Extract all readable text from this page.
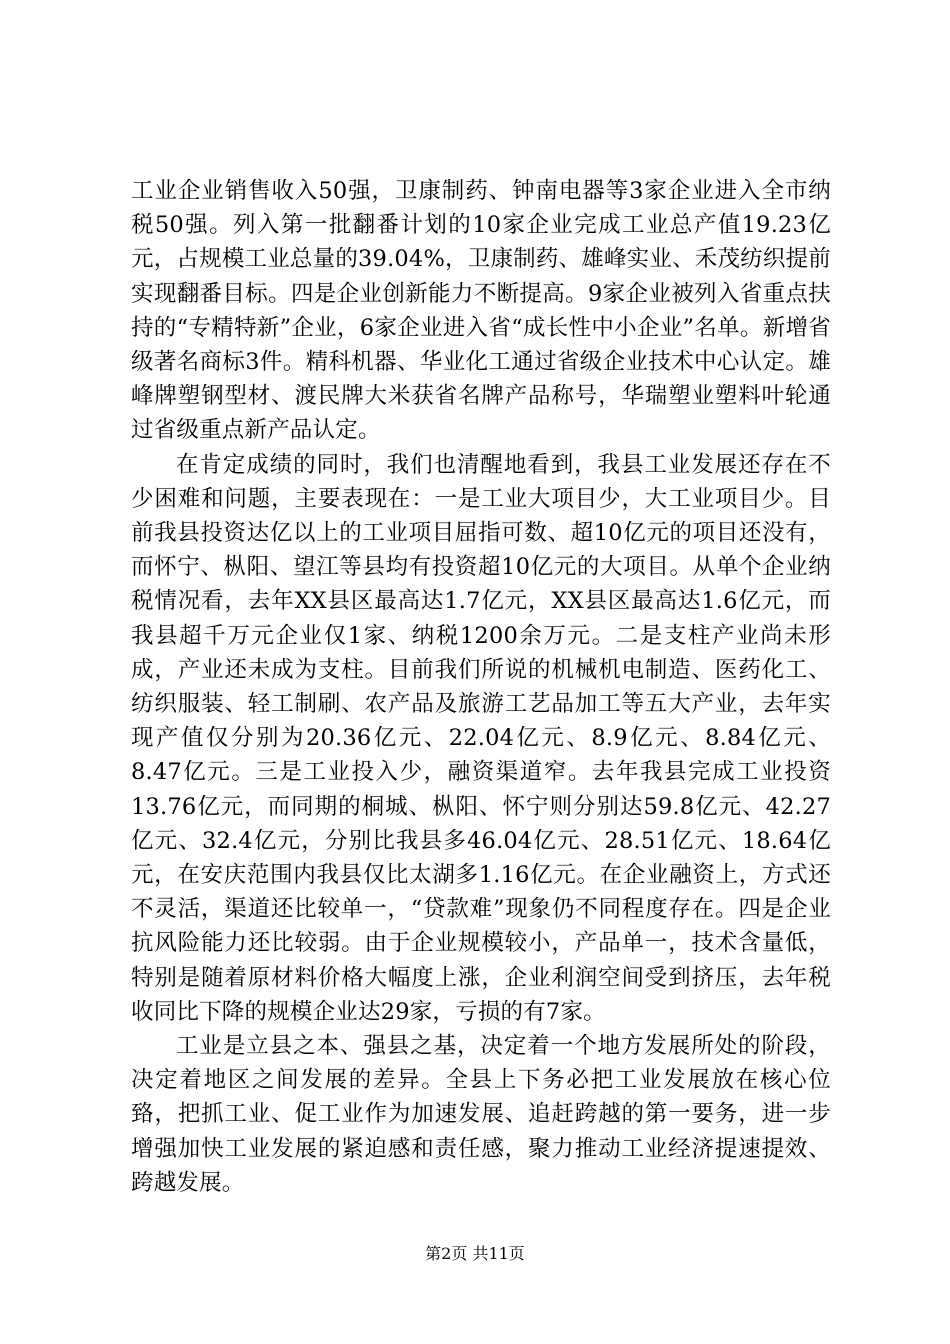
工业企业销售收入50强，卫康制药、钟南电器等3家企业进入全市纳税50强。列入第一批翻番计划的10家企业完成工业总产值19.23亿元，占规模工业总量的39.04%，卫康制药、雄峰实业、禾茂纺织提前实现翻番目标。四是企业创新能力不断提高。9家企业被列入省重点扶持的“专精特新”企业，6家企业进入省“成长性中小企业”名单。新增省级著名商标3件。精科机器、华业化工通过省级企业技术中心认定。雄峰牌塑钢型材、渡民牌大米获省名牌产品称号，华瑞塑业塑料叶轮通过省级重点新产品认定。

在肯定成绩的同时，我们也清醒地看到，我县工业发展还存在不少困难和问题，主要表现在：一是工业大项目少，大工业项目少。目前我县投资达亿以上的工业项目屈指可数、超10亿元的项目还没有，而怀宁、枞阳、望江等县均有投资超10亿元的大项目。从单个企业纳税情况看，去年XX县区最高达1.7亿元，XX县区最高达1.6亿元，而我县超千万元企业仅1家、纳税1200余万元。二是支柱产业尚未形成，产业还未成为支柱。目前我们所说的机械机电制造、医药化工、纺织服装、轻工制刷、农产品及旅游工艺品加工等五大产业，去年实现产值仅分别为20.36亿元、22.04亿元、8.9亿元、8.84亿元、8.47亿元。三是工业投入少，融资渠道窄。去年我县完成工业投资13.76亿元，而同期的桐城、枞阳、怀宁则分别达59.8亿元、42.27亿元、32.4亿元，分别比我县多46.04亿元、28.51亿元、18.64亿元，在安庆范围内我县仅比太湖多1.16亿元。在企业融资上，方式还不灵活，渠道还比较单一，“贷款难”现象仍不同程度存在。四是企业抗风险能力还比较弱。由于企业规模较小，产品单一，技术含量低，特别是随着原材料价格大幅度上涨，企业利润空间受到挤压，去年税收同比下降的规模企业达29家，亏损的有7家。

工业是立县之本、强县之基，决定着一个地方发展所处的阶段，决定着地区之间发展的差异。全县上下务必把工业发展放在核心位臵，把抓工业、促工业作为加速发展、追赶跨越的第一要务，进一步增强加快工业发展的紧迫感和责任感，聚力推动工业经济提速提效、跨越发展。

第2页 共11页
